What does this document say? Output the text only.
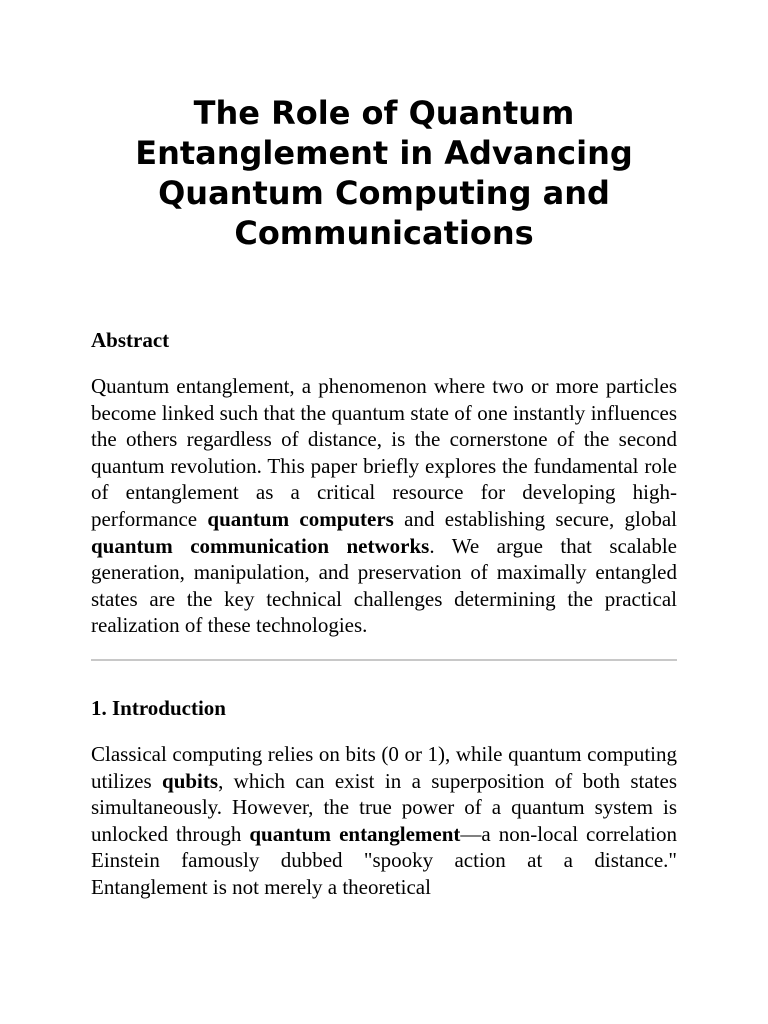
The Role of Quantum Entanglement in Advancing Quantum Computing and Communications
Abstract

Quantum entanglement, a phenomenon where two or more particles become linked such that the quantum state of one instantly influences the others regardless of distance, is the cornerstone of the second quantum revolution. This paper briefly explores the fundamental role of entanglement as a critical resource for developing high-performance quantum computers and establishing secure, global quantum communication networks. We argue that scalable generation, manipulation, and preservation of maximally entangled states are the key technical challenges determining the practical realization of these technologies.

1. Introduction

Classical computing relies on bits (0 or 1), while quantum computing utilizes qubits, which can exist in a superposition of both states simultaneously. However, the true power of a quantum system is unlocked through quantum entanglement—a non-local correlation Einstein famously dubbed "spooky action at a distance." Entanglement is not merely a theoretical
